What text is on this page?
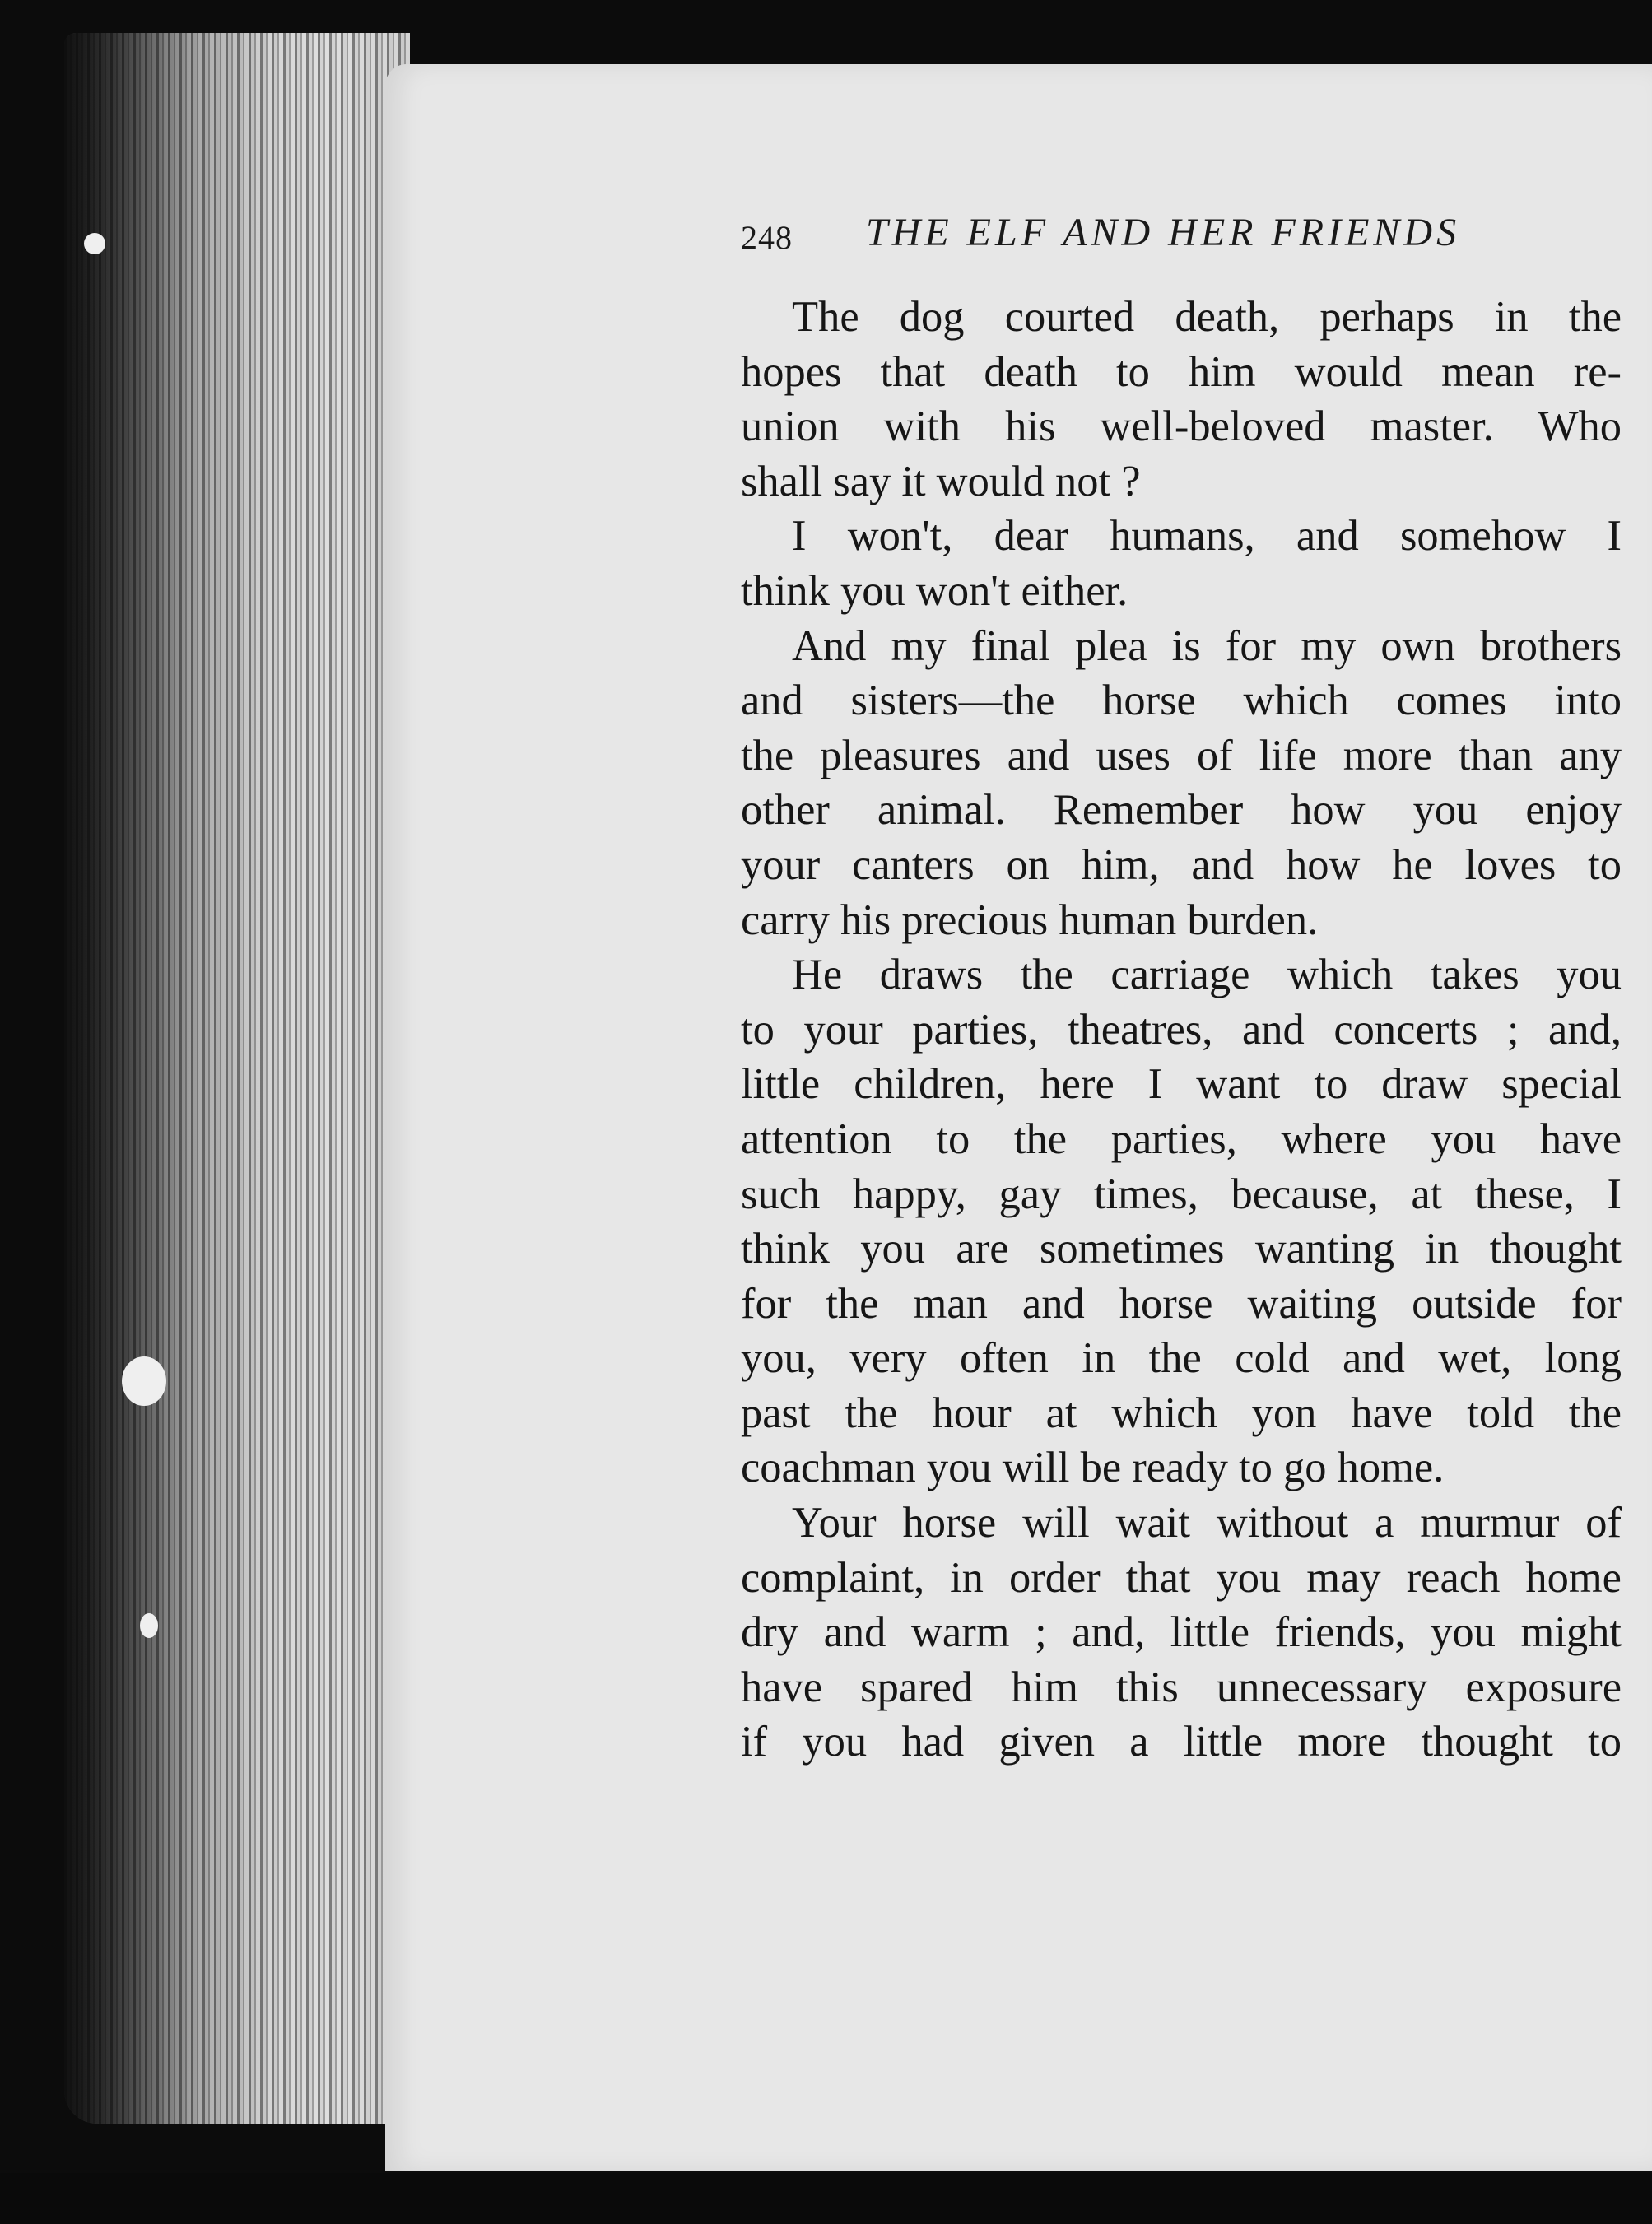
248 THE ELF AND HER FRIENDS

The dog courted death, perhaps in the
hopes that death to him would mean re-
union with his well-beloved master. Who
shall say it would not ?

I won't, dear humans, and somehow I
think you won't either.

And my final plea is for my own brothers
and sisters—the horse which comes into
the pleasures and uses of life more than any
other animal. Remember how you enjoy
your canters on him, and how he loves to
carry his precious human burden.

He draws the carriage which takes you
to your parties, theatres, and concerts ; and,
little children, here I want to draw special
attention to the parties, where you have
such happy, gay times, because, at these, I
think you are sometimes wanting in thought
for the man and horse waiting outside for
you, very often in the cold and wet, long
past the hour at which yon have told the
coachman you will be ready to go home.

Your horse will wait without a murmur of
complaint, in order that you may reach home
dry and warm ; and, little friends, you might
have spared him this unnecessary exposure
if you had given a little more thought to
